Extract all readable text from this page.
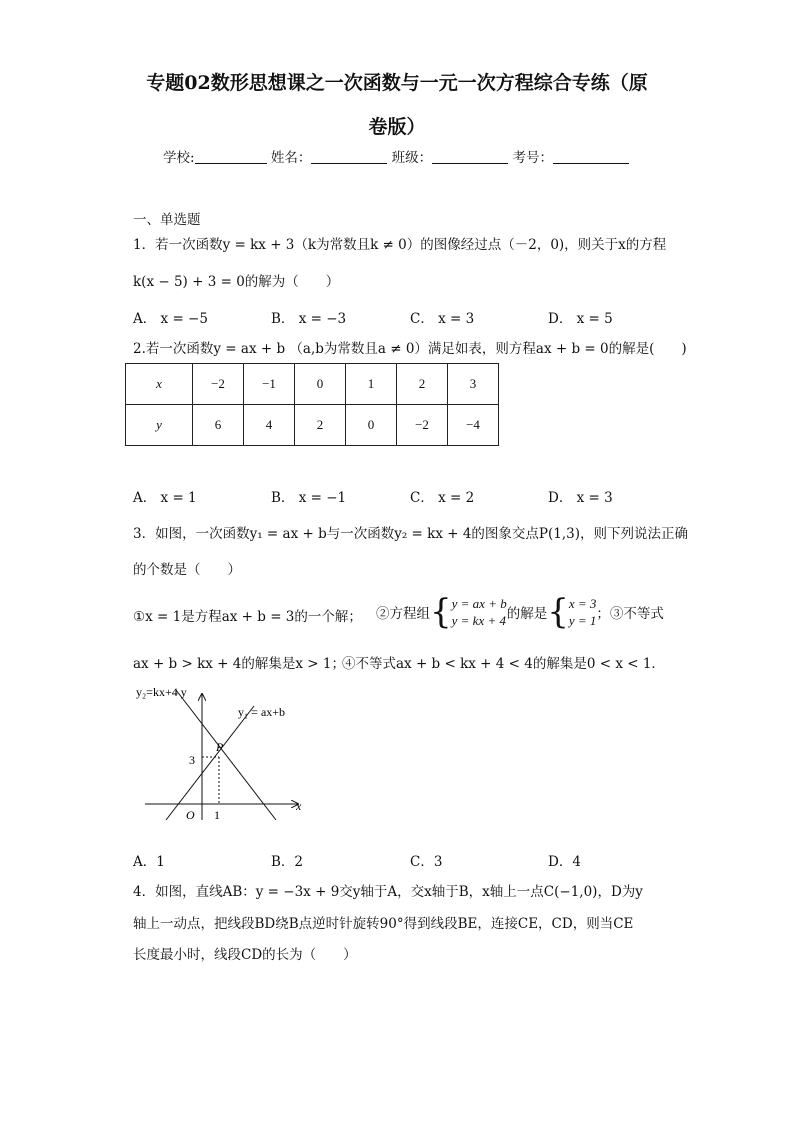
专题02数形思想课之一次函数与一元一次方程综合专练（原
卷版）
学校:	姓名：	班级：	考号：
一、单选题
1．若一次函数y = kx + 3（k为常数且k ≠ 0）的图像经过点（－2，0)，则关于x的方程
k(x − 5) + 3 = 0的解为（　　）
A． x = −5	B． x = −3	C． x = 3	D． x = 5
2.若一次函数y = ax + b （a,b为常数且a ≠ 0）满足如表，则方程ax + b = 0的解是(　　)
x	−2	−1	0	1	2	3
y	6	4	2	0	−2	−4
A． x = 1	B． x = −1	C． x = 2	D． x = 3
3．如图，一次函数y₁ = ax + b与一次函数y₂ = kx + 4的图象交点P(1,3)，则下列说法正确
的个数是（　　）
①x = 1是方程ax + b = 3的一个解； ②方程组 { y = ax + b
y = kx + 4 的解是 { x = 3
y = 1 ；③不等式
ax + b > kx + 4的解集是x > 1；
④不等式ax + b < kx + 4 < 4的解集是0 < x < 1．
y₂=kx+4 y
y₁ = ax+b
P
3
O 1
x
A．1	B．2	C．3	D．4
4．如图，直线AB：y = −3x + 9交y轴于A，交x轴于B，x轴上一点C(−1,0)，D为y
轴上一动点，把线段BD绕B点逆时针旋转90°得到线段BE，连接CE，CD，则当CE
长度最小时，线段CD的长为（　　）
